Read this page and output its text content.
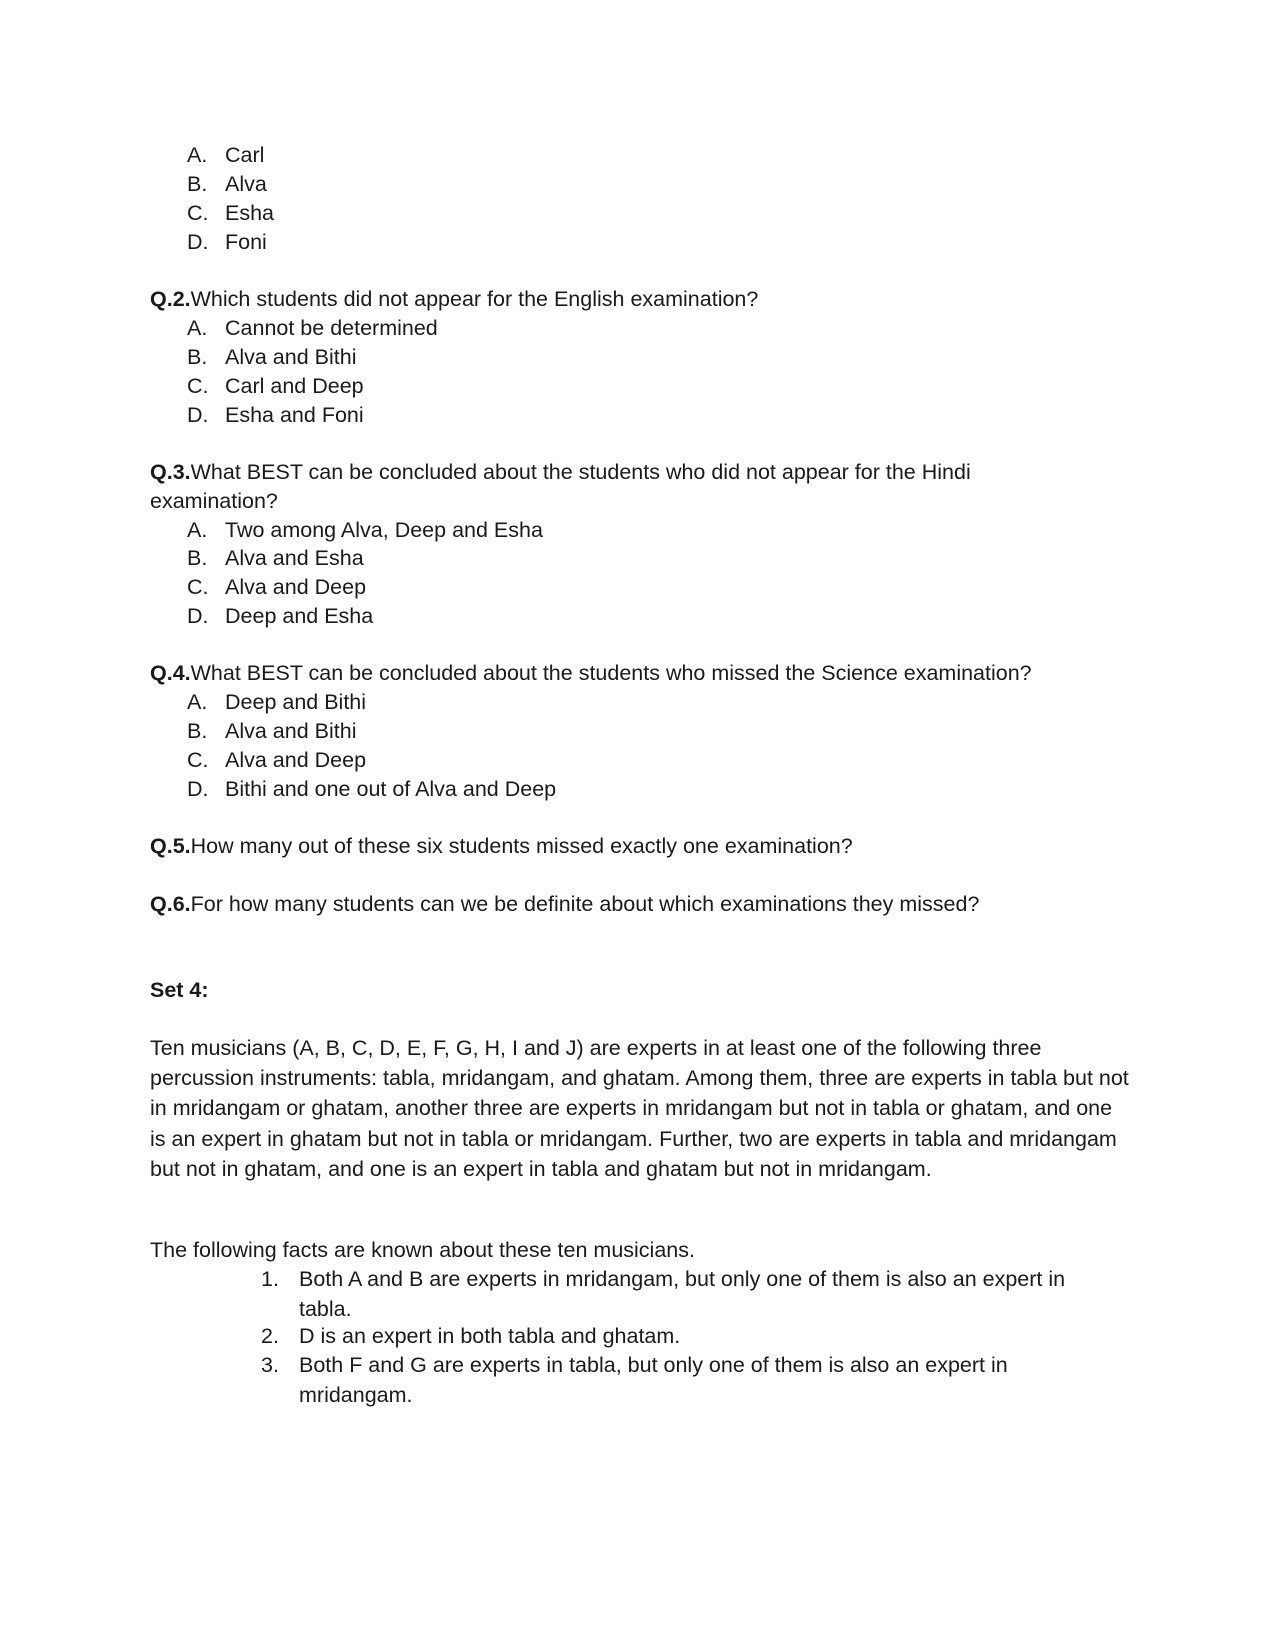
A. Carl
B. Alva
C. Esha
D. Foni
Q.2.Which students did not appear for the English examination?
A. Cannot be determined
B. Alva and Bithi
C. Carl and Deep
D. Esha and Foni
Q.3.What BEST can be concluded about the students who did not appear for the Hindi
examination?
A. Two among Alva, Deep and Esha
B. Alva and Esha
C. Alva and Deep
D. Deep and Esha
Q.4.What BEST can be concluded about the students who missed the Science examination?
A. Deep and Bithi
B. Alva and Bithi
C. Alva and Deep
D. Bithi and one out of Alva and Deep
Q.5.How many out of these six students missed exactly one examination?
Q.6.For how many students can we be definite about which examinations they missed?
Set 4:
Ten musicians (A, B, C, D, E, F, G, H, I and J) are experts in at least one of the following three percussion instruments: tabla, mridangam, and ghatam. Among them, three are experts in tabla but not in mridangam or ghatam, another three are experts in mridangam but not in tabla or ghatam, and one is an expert in ghatam but not in tabla or mridangam. Further, two are experts in tabla and mridangam but not in ghatam, and one is an expert in tabla and ghatam but not in mridangam.
The following facts are known about these ten musicians.
1. Both A and B are experts in mridangam, but only one of them is also an expert in tabla.
2. D is an expert in both tabla and ghatam.
3. Both F and G are experts in tabla, but only one of them is also an expert in mridangam.
